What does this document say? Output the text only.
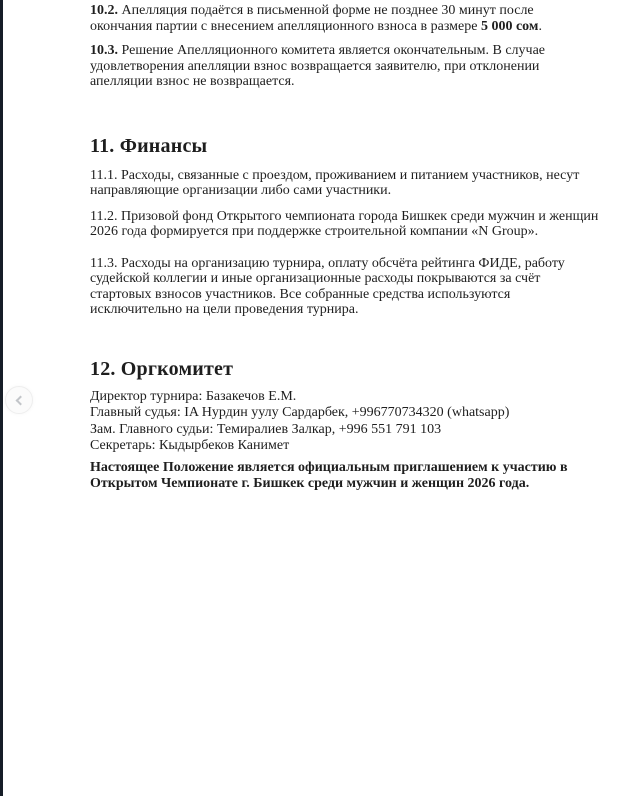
10.2. Апелляция подаётся в письменной форме не позднее 30 минут после окончания партии с внесением апелляционного взноса в размере 5 000 сом.

10.3. Решение Апелляционного комитета является окончательным. В случае удовлетворения апелляции взнос возвращается заявителю, при отклонении апелляции взнос не возвращается.

11. Финансы

11.1. Расходы, связанные с проездом, проживанием и питанием участников, несут направляющие организации либо сами участники.

11.2. Призовой фонд Открытого чемпионата города Бишкек среди мужчин и женщин 2026 года формируется при поддержке строительной компании «N Group».

11.3. Расходы на организацию турнира, оплату обсчёта рейтинга ФИДЕ, работу судейской коллегии и иные организационные расходы покрываются за счёт стартовых взносов участников. Все собранные средства используются исключительно на цели проведения турнира.

12. Оргкомитет
Директор турнира: Базакечов Е.М.
Главный судья: IA Нурдин уулу Сардарбек, +996770734320 (whatsapp)
Зам. Главного судьи: Темиралиев Залкар, +996 551 791 103
Секретарь: Кыдырбеков Канимет

Настоящее Положение является официальным приглашением к участию в Открытом Чемпионате г. Бишкек среди мужчин и женщин 2026 года.
